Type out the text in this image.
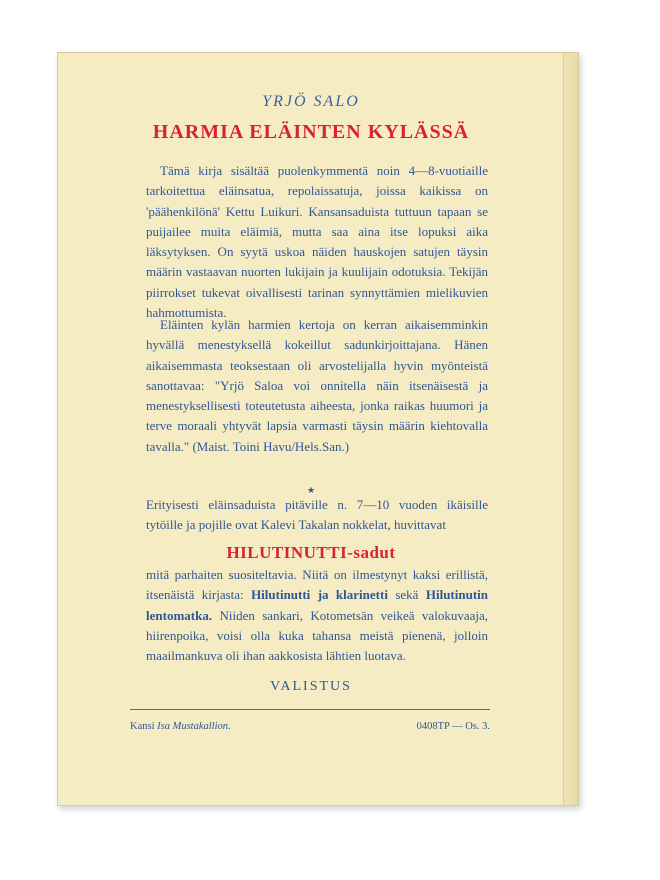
YRJÖ SALO
HARMIA ELÄINTEN KYLÄSSÄ

Tämä kirja sisältää puolenkymmentä noin 4—8-vuotiaille tarkoitettua eläinsatua, repolaissatuja, joissa kaikissa on 'päähenkilönä' Kettu Luikuri. Kansansaduista tuttuun tapaan se puijailee muita eläimiä, mutta saa aina itse lopuksi aika läksytyksen. On syytä uskoa näiden hauskojen satujen täysin määrin vastaavan nuorten lukijain ja kuulijain odotuksia. Tekijän piirrokset tukevat oivallisesti tarinan synnyttämien mielikuvien hahmottumista.

Eläinten kylän harmien kertoja on kerran aikaisemminkin hyvällä menestyksellä kokeillut sadunkirjoittajana. Hänen aikaisemmasta teoksestaan oli arvostelijalla hyvin myönteistä sanottavaa: "Yrjö Saloa voi onnitella näin itsenäisestä ja menestyksellisesti toteutetusta aiheesta, jonka raikas huumori ja terve moraali yhtyvät lapsia varmasti täysin määrin kiehtovalla tavalla." (Maist. Toini Havu/Hels.San.)

★

Erityisesti eläinsaduista pitäville n. 7—10 vuoden ikäisille tytöille ja pojille ovat Kalevi Takalan nokkelat, huvittavat

HILUTINUTTI-sadut

mitä parhaiten suositeltavia. Niitä on ilmestynyt kaksi erillistä, itsenäistä kirjasta: Hilutinutti ja klarinetti sekä Hilutinutin lentomatka. Niiden sankari, Kotometsän veikeä valokuvaaja, hiirenpoika, voisi olla kuka tahansa meistä pienenä, jolloin maailmankuva oli ihan aakkosista lähtien luotava.

VALISTUS
Kansi Isa Mustakallion.	0408TP — Os. 3.
